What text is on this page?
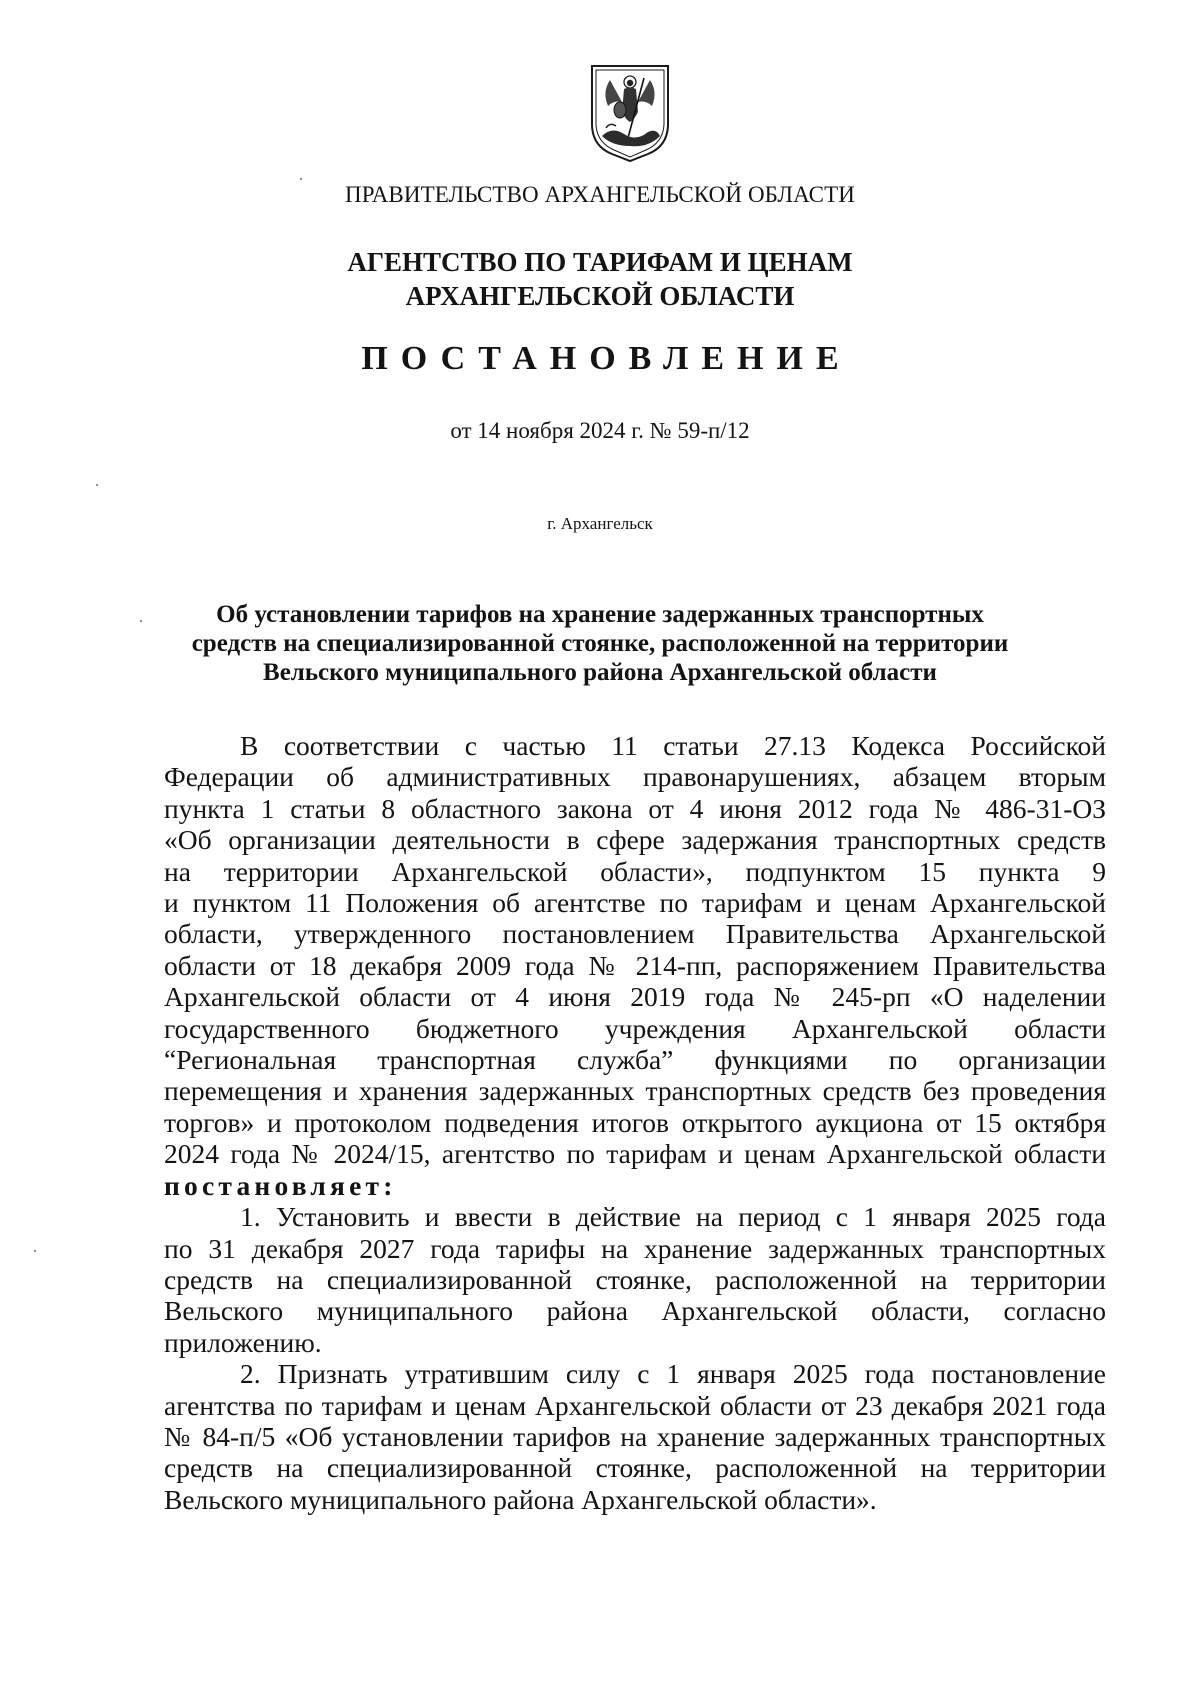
ПРАВИТЕЛЬСТВО АРХАНГЕЛЬСКОЙ ОБЛАСТИ
АГЕНТСТВО ПО ТАРИФАМ И ЦЕНАМ
АРХАНГЕЛЬСКОЙ ОБЛАСТИ
ПОСТАНОВЛЕНИЕ
от 14 ноября 2024 г. № 59-п/12
г. Архангельск
Об установлении тарифов на хранение задержанных транспортных
средств на специализированной стоянке, расположенной на территории
Вельского муниципального района Архангельской области

В соответствии с частью 11 статьи 27.13 Кодекса Российской

Федерации об административных правонарушениях, абзацем вторым

пункта 1 статьи 8 областного закона от 4 июня 2012 года № 486-31-ОЗ

«Об организации деятельности в сфере задержания транспортных средств

на территории Архангельской области», подпунктом 15 пункта 9

и пунктом 11 Положения об агентстве по тарифам и ценам Архангельской

области, утвержденного постановлением Правительства Архангельской

области от 18 декабря 2009 года № 214-пп, распоряжением Правительства

Архангельской области от 4 июня 2019 года № 245-рп «О наделении

государственного бюджетного учреждения Архангельской области

“Региональная транспортная служба” функциями по организации

перемещения и хранения задержанных транспортных средств без проведения

торгов» и протоколом подведения итогов открытого аукциона от 15 октября

2024 года № 2024/15, агентство по тарифам и ценам Архангельской области

постановляет:

1. Установить и ввести в действие на период с 1 января 2025 года

по 31 декабря 2027 года тарифы на хранение задержанных транспортных

средств на специализированной стоянке, расположенной на территории

Вельского муниципального района Архангельской области, согласно

приложению.

2. Признать утратившим силу с 1 января 2025 года постановление

агентства по тарифам и ценам Архангельской области от 23 декабря 2021 года

№ 84-п/5 «Об установлении тарифов на хранение задержанных транспортных

средств на специализированной стоянке, расположенной на территории

Вельского муниципального района Архангельской области».
